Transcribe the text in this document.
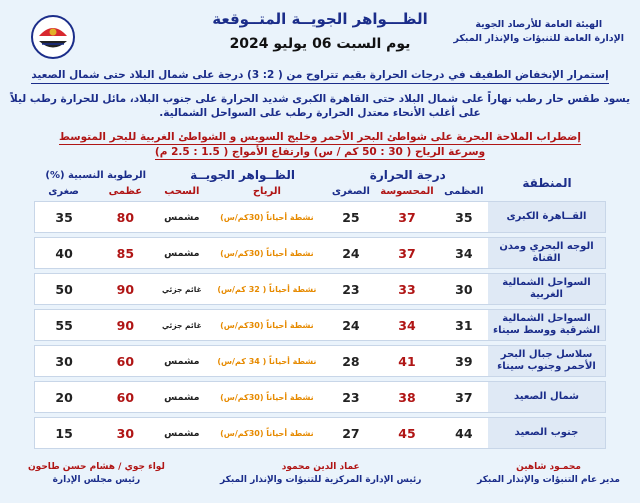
الظـــواهر الجويــة المتــوقعة
يوم السبت 06 يوليو 2024
الهيئة العامة للأرصاد الجوية
الإدارة العامة للتنبؤات والإنذار المبكر
إستمرار الإنخفاض الطفيف في درجات الحرارة بقيم تتراوح من ( 2: 3) درجة على شمال البلاد حتى شمال الصعيد
يسود طقس حار رطب نهاراً على شمال البلاد حتى القاهرة الكبرى شديد الحرارة على جنوب البلاد، مائل للحرارة رطب ليلاً
على أغلب الأنحاء معتدل الحرارة رطب على السواحل الشمالية.
إضطراب الملاحة البحرية على شواطئ البحر الأحمر وخليج السويس و الشواطئ الغربية للبحر المتوسط
وسرعة الرياح ( 30 : 50 كم / س) وارتفاع الأمواج ( 1.5 : 2.5 م)
المنطقة	درجة الحرارة			الظــواهر الجويــة		الرطوبة النسبية (%)	
	العظمى	المحسوسة	الصغرى	الرياح	السحب	عظمى	صغرى
القــاهرة الكبرى	35	37	25	نشطة أحياناً (30كم/س)	مشمس	80	35
الوجه البحري ومدن القناة	34	37	24	نشطة أحياناً (30كم/س)	مشمس	85	40
السواحل الشمالية الغربية	30	33	23	نشطة أحياناً ( 32 كم/س)	غائم جزئي	90	50
السواحل الشمالية الشرقية ووسط سيناء	31	34	24	نشطة أحياناً (30كم/س)	غائم جزئي	90	55
سلاسل جبال البحر الأحمر وجنوب سيناء	39	41	28	نشطة أحياناً ( 34 كم/س)	مشمس	60	30
شمال الصعيد	37	38	23	نشطة أحياناً (30كم/س)	مشمس	60	20
جنوب الصعيد	44	45	27	نشطة أحياناً (30كم/س)	مشمس	30	15
محمـود شاهين
مدير عام التنبؤات والإنذار المبكر
عماد الدين محمود
رئيس الإدارة المركزية للتنبؤات والإنذار المبكر
لواء جوي / هشام حسن طاحون
رئيس مجلس الإدارة
